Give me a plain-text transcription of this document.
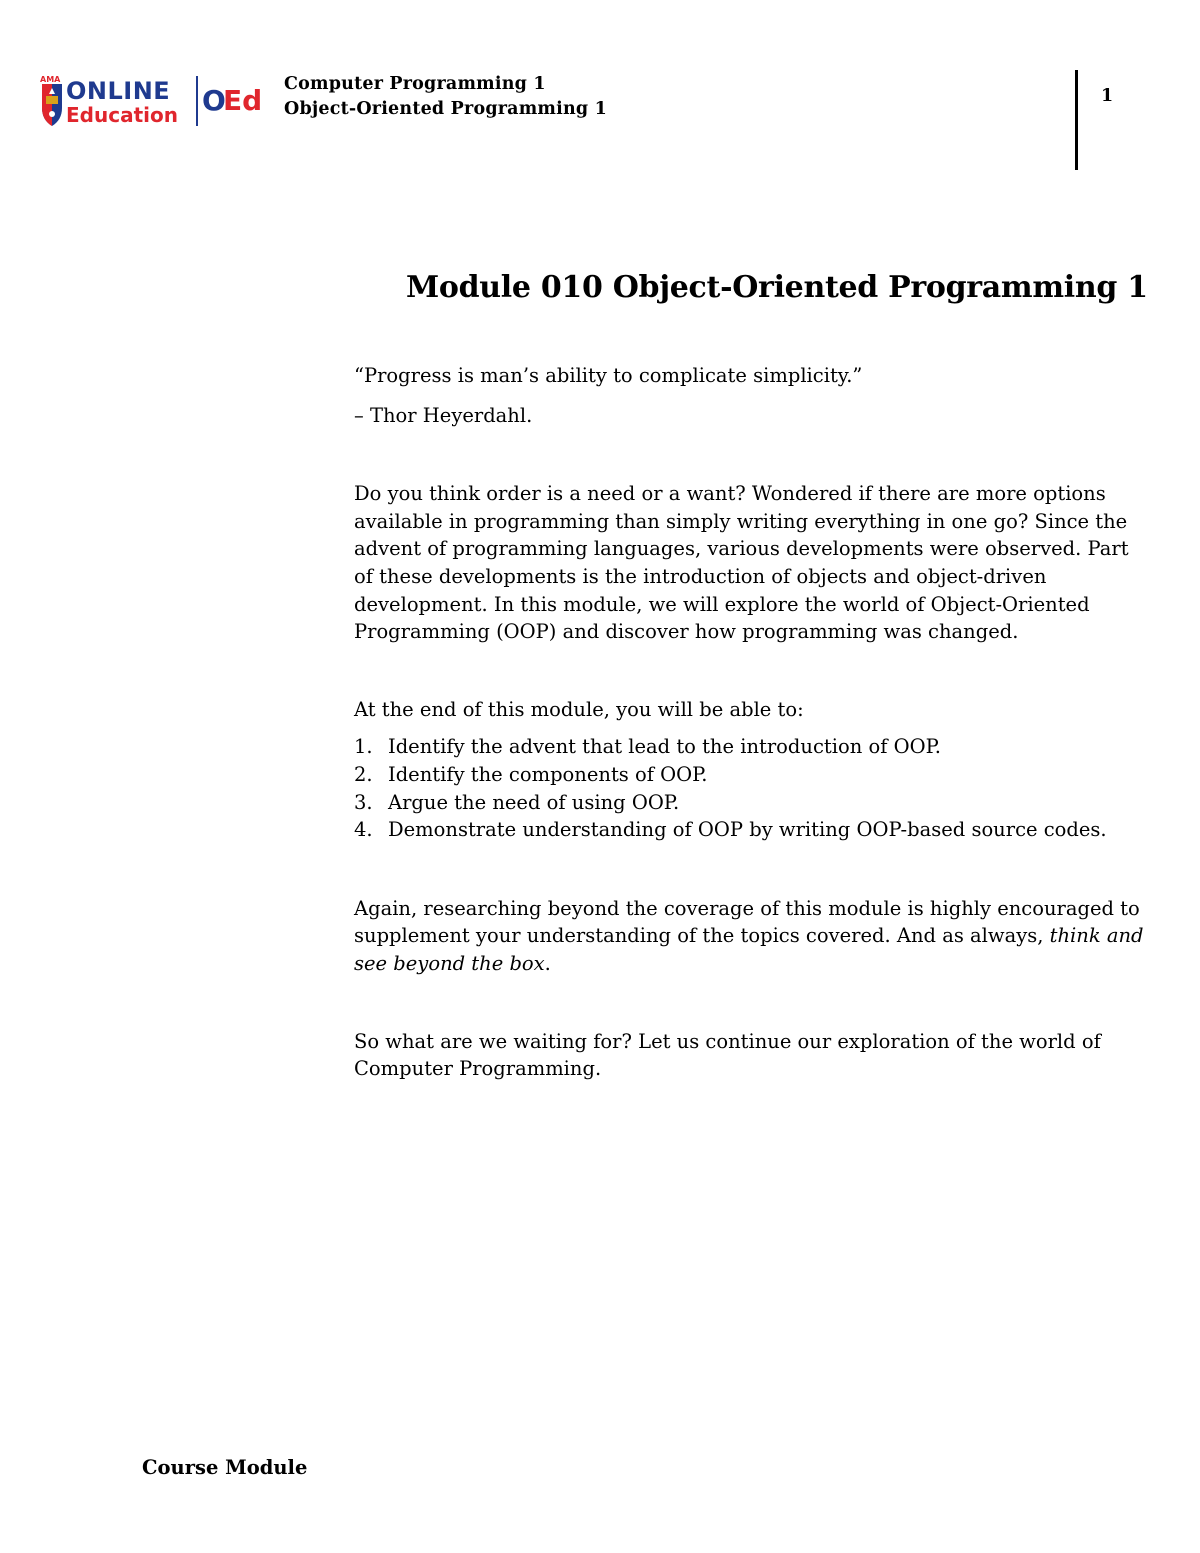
AMA ONLINE
Education O
Ed Computer Programming 1
Object-Oriented Programming 1
1
Module 010 Object-Oriented Programming 1

“Progress is man’s ability to complicate simplicity.”

– Thor Heyerdahl.

Do you think order is a need or a want? Wondered if there are more options available in programming than simply writing everything in one go? Since the advent of programming languages, various developments were observed. Part of these developments is the introduction of objects and object-driven development. In this module, we will explore the world of Object-Oriented Programming (OOP) and discover how programming was changed.

At the end of this module, you will be able to:

1. Identify the advent that lead to the introduction of OOP.
2. Identify the components of OOP.
3. Argue the need of using OOP.
4. Demonstrate understanding of OOP by writing OOP-based source codes.

Again, researching beyond the coverage of this module is highly encouraged to supplement your understanding of the topics covered. And as always, think and see beyond the box.

So what are we waiting for? Let us continue our exploration of the world of Computer Programming.

Course Module
